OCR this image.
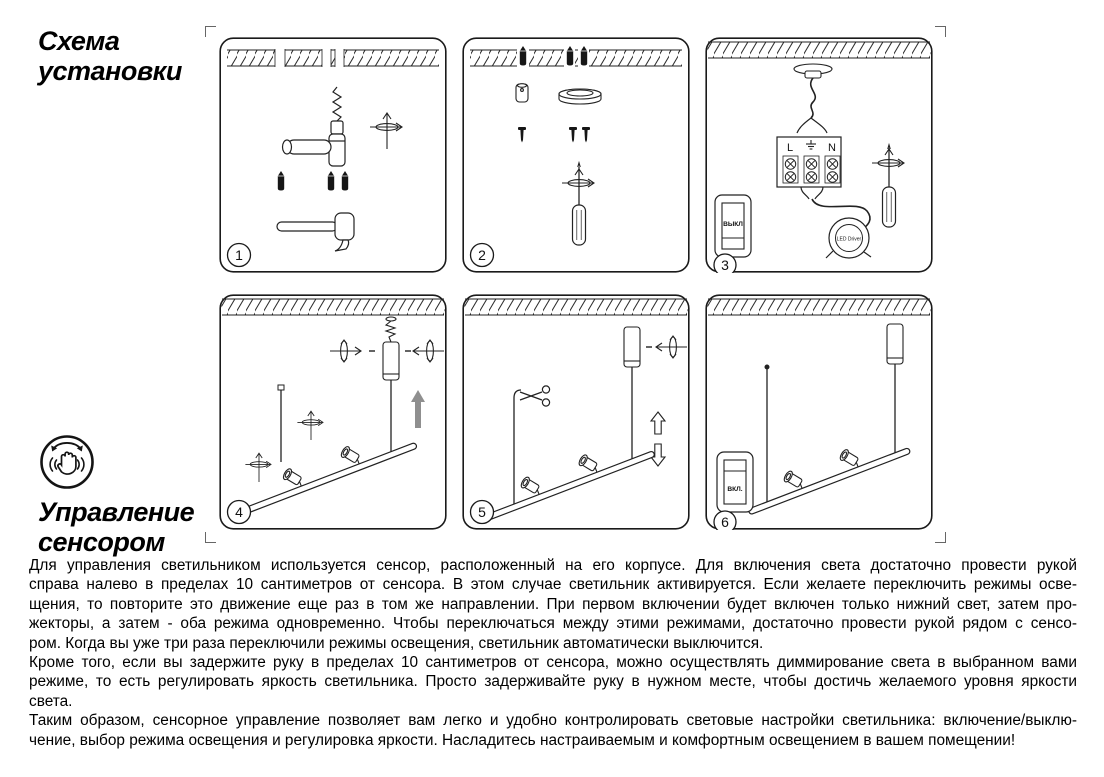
Схема
установки
1	2
L	N
LED Driver
ВЫКЛ
3
4	5
ВКЛ.
6
Управление
сенсором
Для управления светильником используется сенсор, расположенный на его корпусе. Для включения света достаточно провести рукой
справа налево в пределах 10 сантиметров от сенсора. В этом случае светильник активируется. Если желаете переключить режимы осве-
щения, то повторите это движение еще раз в том же направлении. При первом включении будет включен только нижний свет, затем про-
жекторы, а затем - оба режима одновременно. Чтобы переключаться между этими режимами, достаточно провести рукой рядом с сенсо-
ром. Когда вы уже три раза переключили режимы освещения, светильник автоматически выключится.
Кроме того, если вы задержите руку в пределах 10 сантиметров от сенсора, можно осуществлять диммирование света в выбранном вами
режиме, то есть регулировать яркость светильника. Просто задерживайте руку в нужном месте, чтобы достичь желаемого уровня яркости
света.
Таким образом, сенсорное управление позволяет вам легко и удобно контролировать световые настройки светильника: включение/выклю-
чение, выбор режима освещения и регулировка яркости. Насладитесь настраиваемым и комфортным освещением в вашем помещении!
